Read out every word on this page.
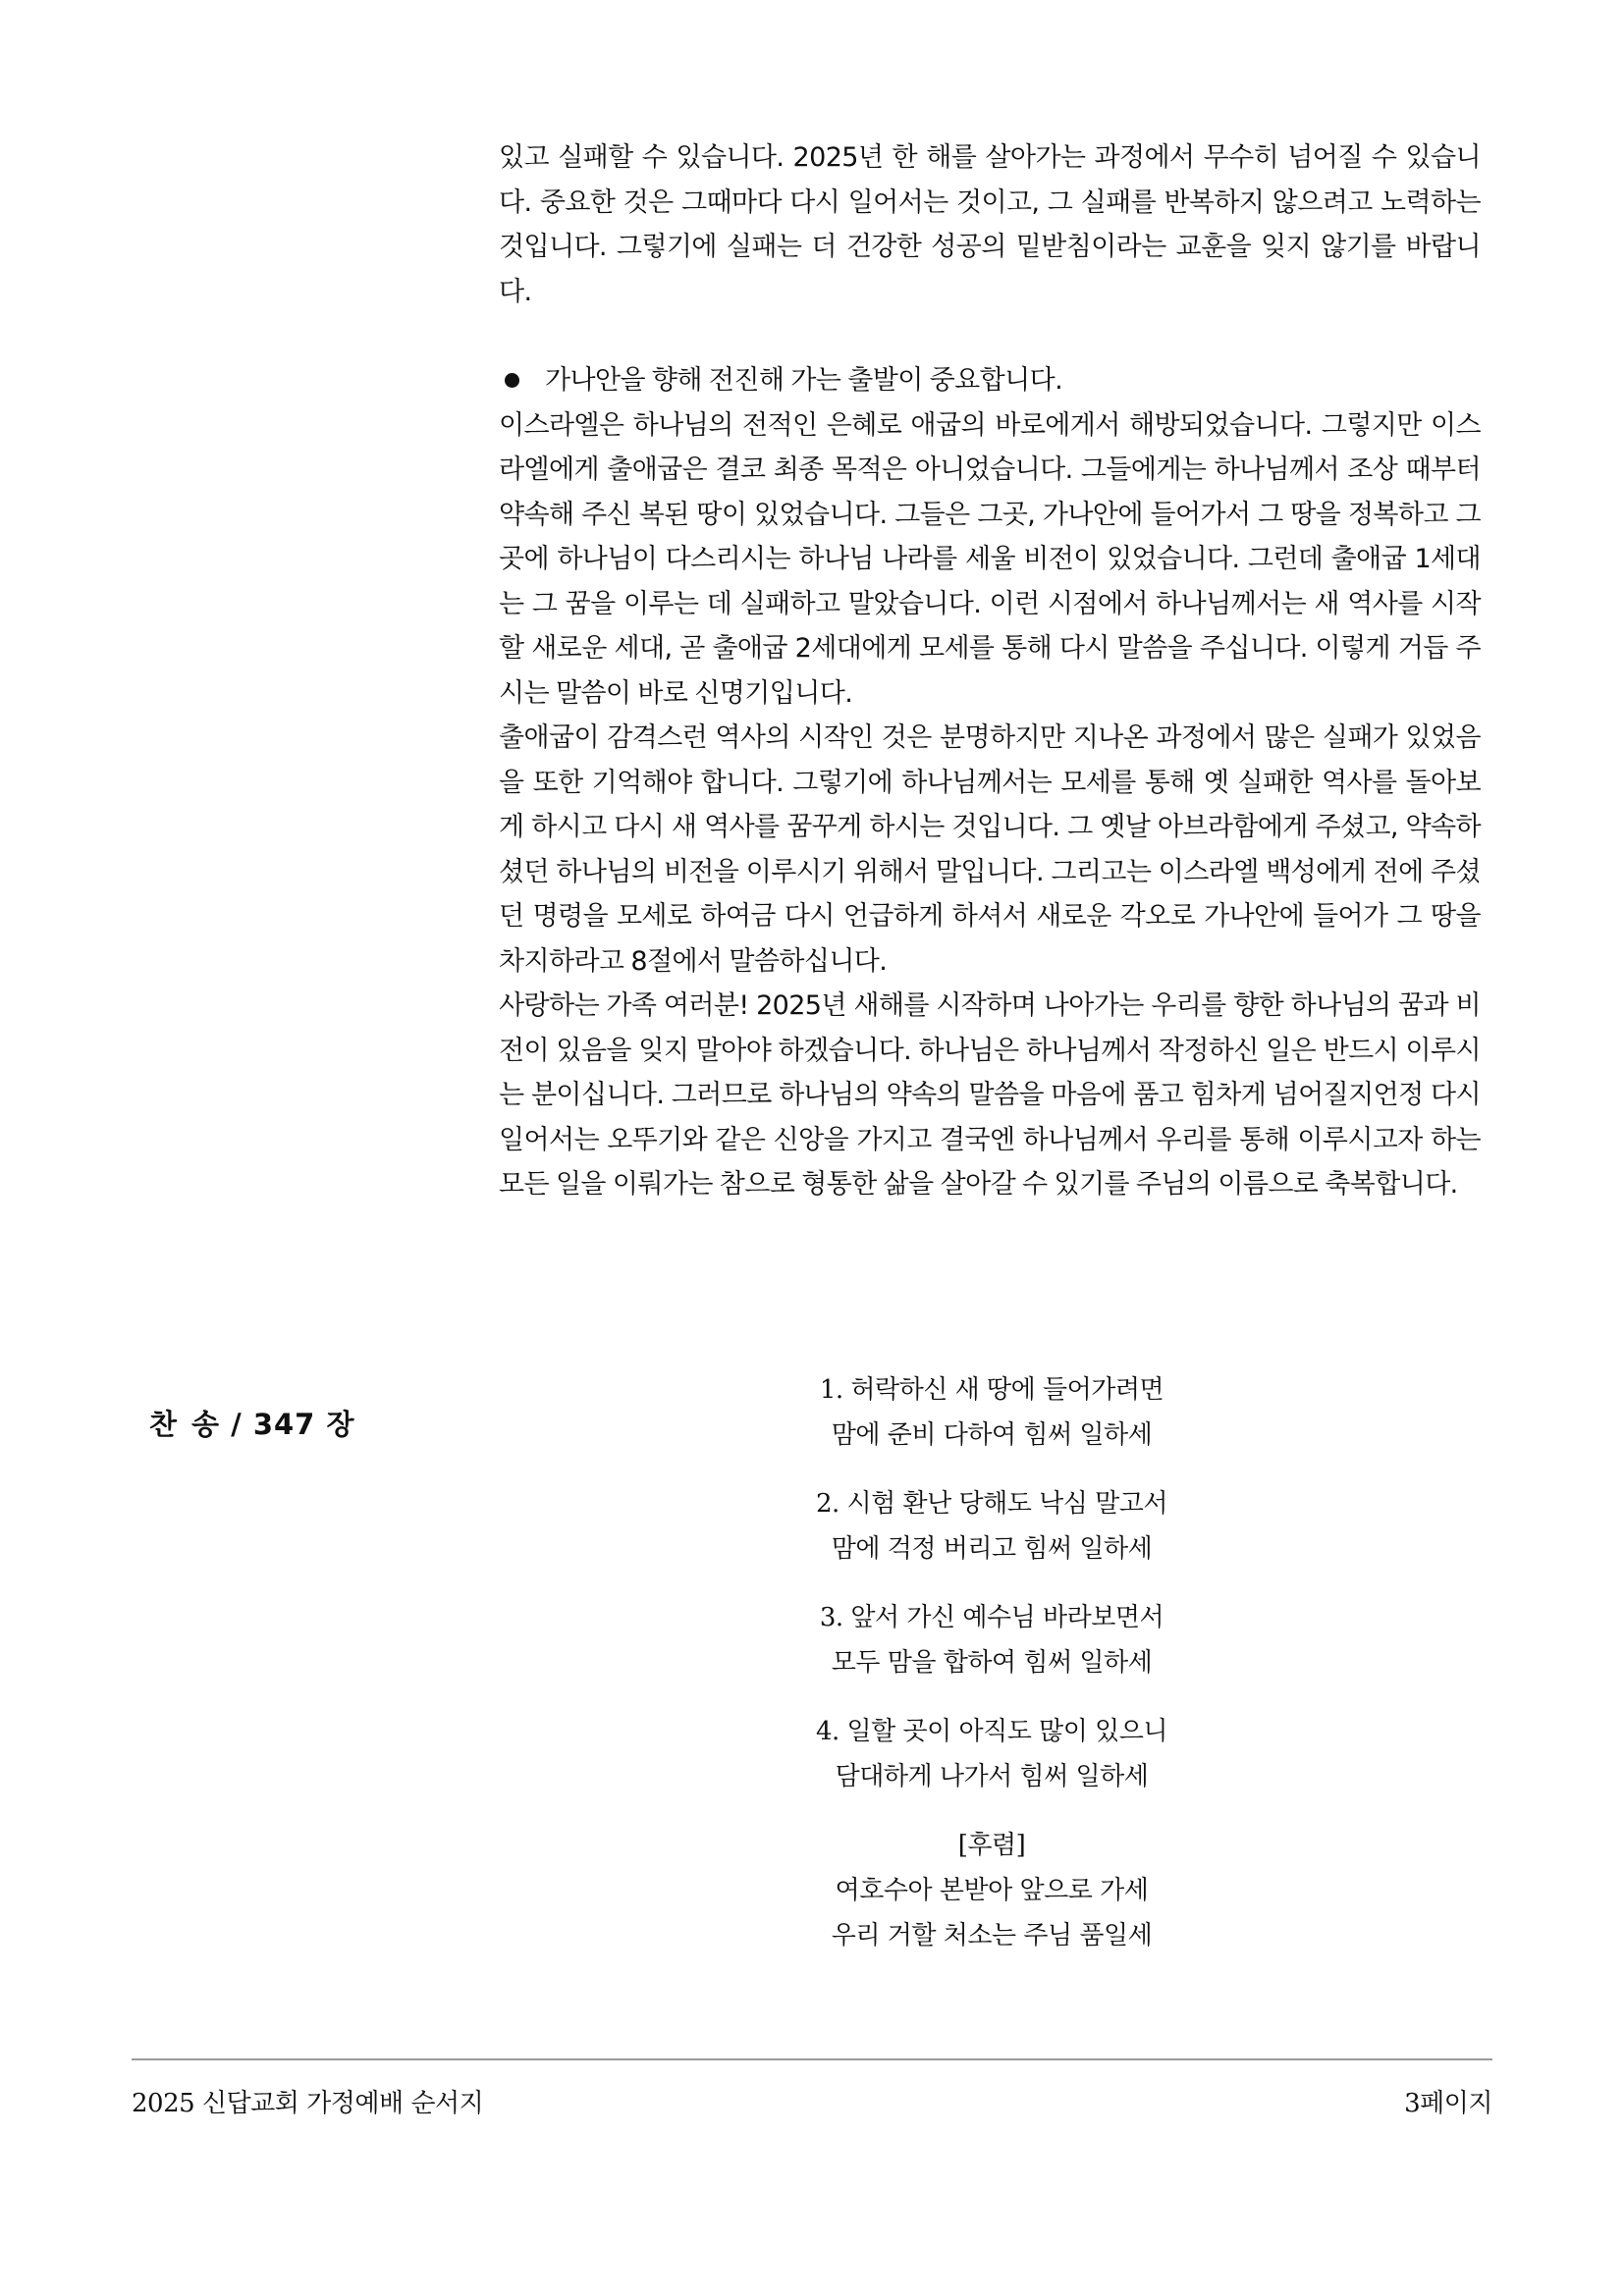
있고 실패할 수 있습니다. 2025년 한 해를 살아가는 과정에서 무수히 넘어질 수 있습니다. 중요한 것은 그때마다 다시 일어서는 것이고, 그 실패를 반복하지 않으려고 노력하는 것입니다. 그렇기에 실패는 더 건강한 성공의 밑받침이라는 교훈을 잊지 않기를 바랍니다.

가나안을 향해 전진해 가는 출발이 중요합니다.

이스라엘은 하나님의 전적인 은혜로 애굽의 바로에게서 해방되었습니다. 그렇지만 이스라엘에게 출애굽은 결코 최종 목적은 아니었습니다. 그들에게는 하나님께서 조상 때부터 약속해 주신 복된 땅이 있었습니다. 그들은 그곳, 가나안에 들어가서 그 땅을 정복하고 그곳에 하나님이 다스리시는 하나님 나라를 세울 비전이 있었습니다. 그런데 출애굽 1세대는 그 꿈을 이루는 데 실패하고 말았습니다. 이런 시점에서 하나님께서는 새 역사를 시작할 새로운 세대, 곧 출애굽 2세대에게 모세를 통해 다시 말씀을 주십니다. 이렇게 거듭 주시는 말씀이 바로 신명기입니다.

출애굽이 감격스런 역사의 시작인 것은 분명하지만 지나온 과정에서 많은 실패가 있었음을 또한 기억해야 합니다. 그렇기에 하나님께서는 모세를 통해 옛 실패한 역사를 돌아보게 하시고 다시 새 역사를 꿈꾸게 하시는 것입니다. 그 옛날 아브라함에게 주셨고, 약속하셨던 하나님의 비전을 이루시기 위해서 말입니다. 그리고는 이스라엘 백성에게 전에 주셨던 명령을 모세로 하여금 다시 언급하게 하셔서 새로운 각오로 가나안에 들어가 그 땅을 차지하라고 8절에서 말씀하십니다.

사랑하는 가족 여러분! 2025년 새해를 시작하며 나아가는 우리를 향한 하나님의 꿈과 비전이 있음을 잊지 말아야 하겠습니다. 하나님은 하나님께서 작정하신 일은 반드시 이루시는 분이십니다. 그러므로 하나님의 약속의 말씀을 마음에 품고 힘차게 넘어질지언정 다시 일어서는 오뚜기와 같은 신앙을 가지고 결국엔 하나님께서 우리를 통해 이루시고자 하는 모든 일을 이뤄가는 참으로 형통한 삶을 살아갈 수 있기를 주님의 이름으로 축복합니다.

찬 송 / 347 장
1. 허락하신 새 땅에 들어가려면
맘에 준비 다하여 힘써 일하세
2. 시험 환난 당해도 낙심 말고서
맘에 걱정 버리고 힘써 일하세
3. 앞서 가신 예수님 바라보면서
모두 맘을 합하여 힘써 일하세
4. 일할 곳이 아직도 많이 있으니
담대하게 나가서 힘써 일하세
[후렴]
여호수아 본받아 앞으로 가세
우리 거할 처소는 주님 품일세
2025 신답교회 가정예배 순서지	3페이지
